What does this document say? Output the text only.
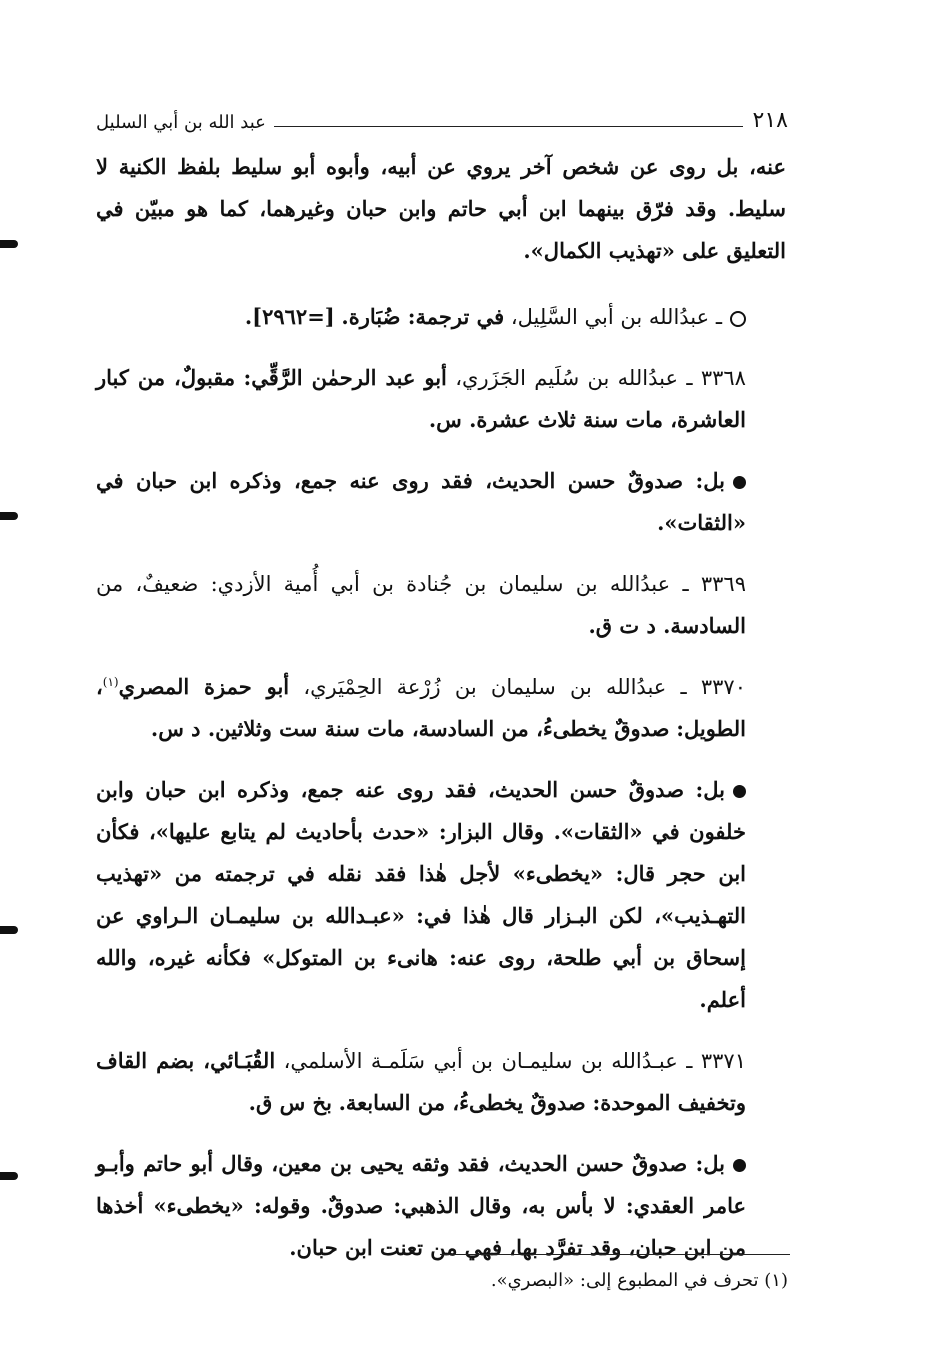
٢١٨
عبد الله بن أبي السليل

عنه، بل روى عن شخص آخر يروي عن أبيه، وأبوه أبو سليط بلفظ الكنية لا سليط. وقد فرّق بينهما ابن أبي حاتم وابن حبان وغيرهما، كما هو مبيّن في التعليق على «تهذيب الكمال».

ـ عبدُالله بن أبي السَّلِيل، في ترجمة: ضُبَارة. [=٢٩٦٢].

٣٣٦٨ ـ عبدُالله بن سُلَيم الجَزَري، أبو عبد الرحمٰن الرَّقِّي: مقبولٌ، من كبار العاشرة، مات سنة ثلاث عشرة. س.

بل: صدوقٌ حسن الحديث، فقد روى عنه جمع، وذكره ابن حبان في «الثقات».

٣٣٦٩ ـ عبدُالله بن سليمان بن جُنادة بن أبي أُمية الأزدي: ضعيفٌ، من السادسة. د ت ق.

٣٣٧٠ ـ عبدُالله بن سليمان بن زُرْعة الحِمْيَري، أبو حمزة المصري$^{(١)}$، الطويل: صدوقٌ يخطىءُ، من السادسة، مات سنة ست وثلاثين. د س.

بل: صدوقٌ حسن الحديث، فقد روى عنه جمع، وذكره ابن حبان وابن خلفون في «الثقات». وقال البزار: «حدث بأحاديث لم يتابع عليها»، فكأن ابن حجر قال: «يخطىء» لأجل هٰذا فقد نقله في ترجمته من «تهذيب التهـذيب»، لكن البـزار قال هٰذا في: «عبـدالله بن سليمـان الـراوي عن إسحاق بن أبي طلحة، روى عنه: هانىء بن المتوكل» فكأنه غيره، والله أعلم.

٣٣٧١ ـ عبـدُالله بن سليمـان بن أبي سَلَمـة الأسلمي، القُبَـائي، بضم القاف وتخفيف الموحدة: صدوقٌ يخطىءُ، من السابعة. بخ س ق.

بل: صدوقٌ حسن الحديث، فقد وثقه يحيى بن معين، وقال أبو حاتم وأبـو عامر العقدي: لا بأس به، وقال الذهبي: صدوقٌ. وقوله: «يخطىء» أخذها من ابن حبان، وقد تفرَّد بها، فهي من تعنت ابن حبان.

(١) تحرف في المطبوع إلى: «البصري».
